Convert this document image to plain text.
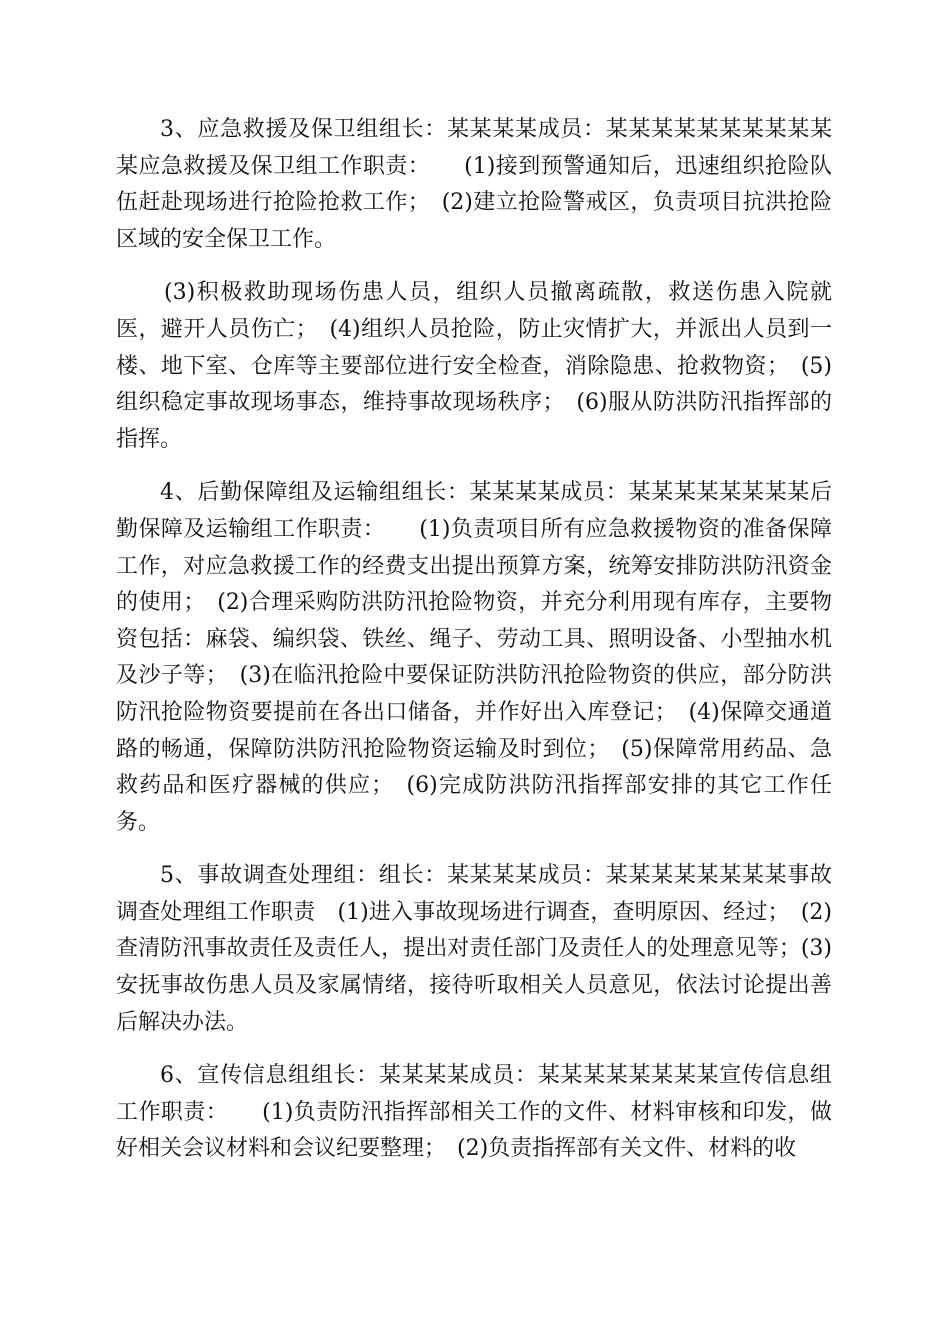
3、应急救援及保卫组组长：某某某某成员：某某某某某某某某某某某应急救援及保卫组工作职责：　　(1)接到预警通知后，迅速组织抢险队伍赶赴现场进行抢险抢救工作；　(2)建立抢险警戒区，负责项目抗洪抢险区域的安全保卫工作。

(3)积极救助现场伤患人员，组织人员撤离疏散，救送伤患入院就医，避开人员伤亡；　(4)组织人员抢险，防止灾情扩大，并派出人员到一楼、地下室、仓库等主要部位进行安全检查，消除隐患、抢救物资；　(5)组织稳定事故现场事态，维持事故现场秩序；　(6)服从防洪防汛指挥部的指挥。

4、后勤保障组及运输组组长：某某某某成员：某某某某某某某某后勤保障及运输组工作职责：　　(1)负责项目所有应急救援物资的准备保障工作，对应急救援工作的经费支出提出预算方案，统筹安排防洪防汛资金的使用；　(2)合理采购防洪防汛抢险物资，并充分利用现有库存，主要物资包括：麻袋、编织袋、铁丝、绳子、劳动工具、照明设备、小型抽水机及沙子等；　(3)在临汛抢险中要保证防洪防汛抢险物资的供应，部分防洪防汛抢险物资要提前在各出口储备，并作好出入库登记；　(4)保障交通道路的畅通，保障防洪防汛抢险物资运输及时到位；　(5)保障常用药品、急救药品和医疗器械的供应；　(6)完成防洪防汛指挥部安排的其它工作任务。

5、事故调查处理组：组长：某某某某成员：某某某某某某某某事故调查处理组工作职责　(1)进入事故现场进行调查，查明原因、经过；　(2)查清防汛事故责任及责任人，提出对责任部门及责任人的处理意见等；(3)安抚事故伤患人员及家属情绪，接待听取相关人员意见，依法讨论提出善后解决办法。

6、宣传信息组组长：某某某某成员：某某某某某某某某宣传信息组工作职责：　　(1)负责防汛指挥部相关工作的文件、材料审核和印发，做好相关会议材料和会议纪要整理；　(2)负责指挥部有关文件、材料的收
